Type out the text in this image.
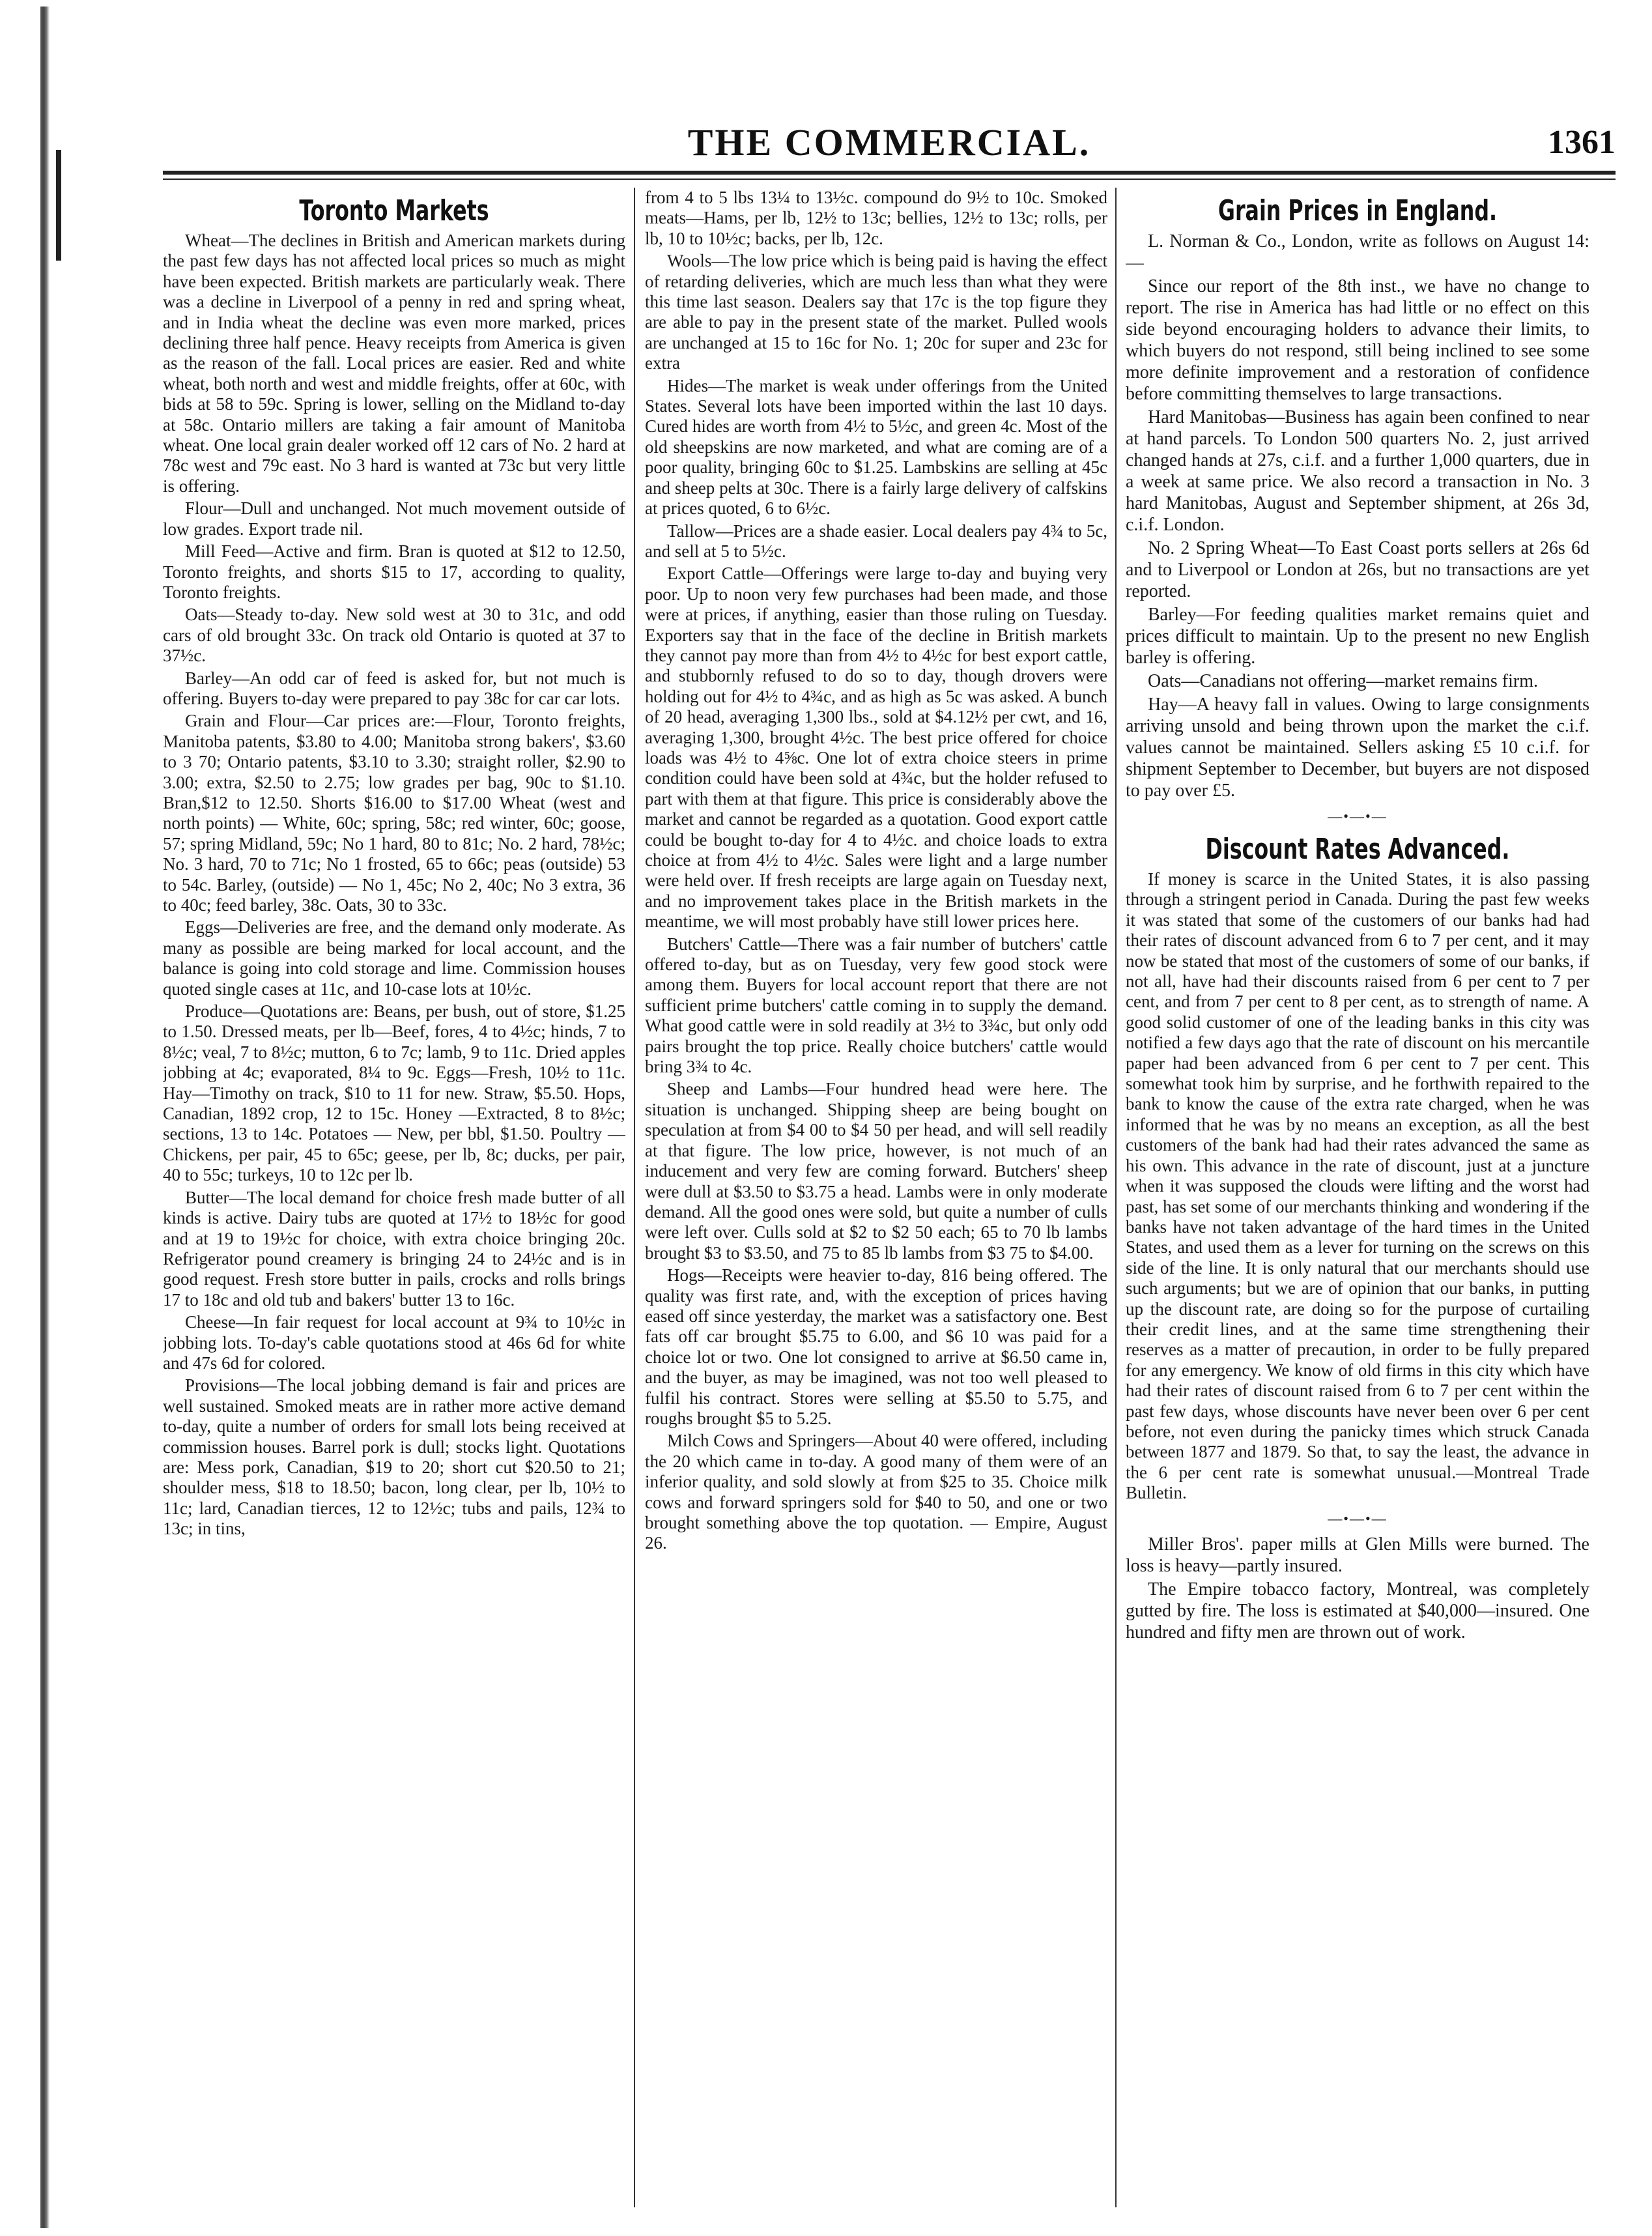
THE COMMERCIAL.	1361
Toronto Markets

Wheat—The declines in British and American markets during the past few days has not affected local prices so much as might have been expected. British markets are particularly weak. There was a decline in Liverpool of a penny in red and spring wheat, and in India wheat the decline was even more marked, prices declining three half pence. Heavy receipts from America is given as the reason of the fall. Local prices are easier. Red and white wheat, both north and west and middle freights, offer at 60c, with bids at 58 to 59c. Spring is lower, selling on the Midland to-day at 58c. Ontario millers are taking a fair amount of Manitoba wheat. One local grain dealer worked off 12 cars of No. 2 hard at 78c west and 79c east. No 3 hard is wanted at 73c but very little is offering.

Flour—Dull and unchanged. Not much movement outside of low grades. Export trade nil.

Mill Feed—Active and firm. Bran is quoted at $12 to 12.50, Toronto freights, and shorts $15 to 17, according to quality, Toronto freights.

Oats—Steady to-day. New sold west at 30 to 31c, and odd cars of old brought 33c. On track old Ontario is quoted at 37 to 37½c.

Barley—An odd car of feed is asked for, but not much is offering. Buyers to-day were prepared to pay 38c for car car lots.

Grain and Flour—Car prices are:—Flour, Toronto freights, Manitoba patents, $3.80 to 4.00; Manitoba strong bakers', $3.60 to 3 70; Ontario patents, $3.10 to 3.30; straight roller, $2.90 to 3.00; extra, $2.50 to 2.75; low grades per bag, 90c to $1.10. Bran,$12 to 12.50. Shorts $16.00 to $17.00 Wheat (west and north points) — White, 60c; spring, 58c; red winter, 60c; goose, 57; spring Midland, 59c; No 1 hard, 80 to 81c; No. 2 hard, 78½c; No. 3 hard, 70 to 71c; No 1 frosted, 65 to 66c; peas (outside) 53 to 54c. Barley, (outside) — No 1, 45c; No 2, 40c; No 3 extra, 36 to 40c; feed barley, 38c. Oats, 30 to 33c.

Eggs—Deliveries are free, and the demand only moderate. As many as possible are being marked for local account, and the balance is going into cold storage and lime. Commission houses quoted single cases at 11c, and 10-case lots at 10½c.

Produce—Quotations are: Beans, per bush, out of store, $1.25 to 1.50. Dressed meats, per lb—Beef, fores, 4 to 4½c; hinds, 7 to 8½c; veal, 7 to 8½c; mutton, 6 to 7c; lamb, 9 to 11c. Dried apples jobbing at 4c; evaporated, 8¼ to 9c. Eggs—Fresh, 10½ to 11c. Hay—Timothy on track, $10 to 11 for new. Straw, $5.50. Hops, Canadian, 1892 crop, 12 to 15c. Honey —Extracted, 8 to 8½c; sections, 13 to 14c. Potatoes — New, per bbl, $1.50. Poultry —Chickens, per pair, 45 to 65c; geese, per lb, 8c; ducks, per pair, 40 to 55c; turkeys, 10 to 12c per lb.

Butter—The local demand for choice fresh made butter of all kinds is active. Dairy tubs are quoted at 17½ to 18½c for good and at 19 to 19½c for choice, with extra choice bringing 20c. Refrigerator pound creamery is bringing 24 to 24½c and is in good request. Fresh store butter in pails, crocks and rolls brings 17 to 18c and old tub and bakers' butter 13 to 16c.

Cheese—In fair request for local account at 9¾ to 10½c in jobbing lots. To-day's cable quotations stood at 46s 6d for white and 47s 6d for colored.

Provisions—The local jobbing demand is fair and prices are well sustained. Smoked meats are in rather more active demand to-day, quite a number of orders for small lots being received at commission houses. Barrel pork is dull; stocks light. Quotations are: Mess pork, Canadian, $19 to 20; short cut $20.50 to 21; shoulder mess, $18 to 18.50; bacon, long clear, per lb, 10½ to 11c; lard, Canadian tierces, 12 to 12½c; tubs and pails, 12¾ to 13c; in tins,

from 4 to 5 lbs 13¼ to 13½c. compound do 9½ to 10c. Smoked meats—Hams, per lb, 12½ to 13c; bellies, 12½ to 13c; rolls, per lb, 10 to 10½c; backs, per lb, 12c.

Wools—The low price which is being paid is having the effect of retarding deliveries, which are much less than what they were this time last season. Dealers say that 17c is the top figure they are able to pay in the present state of the market. Pulled wools are unchanged at 15 to 16c for No. 1; 20c for super and 23c for extra

Hides—The market is weak under offerings from the United States. Several lots have been imported within the last 10 days. Cured hides are worth from 4½ to 5½c, and green 4c. Most of the old sheepskins are now marketed, and what are coming are of a poor quality, bringing 60c to $1.25. Lambskins are selling at 45c and sheep pelts at 30c. There is a fairly large delivery of calfskins at prices quoted, 6 to 6½c.

Tallow—Prices are a shade easier. Local dealers pay 4¾ to 5c, and sell at 5 to 5½c.

Export Cattle—Offerings were large to-day and buying very poor. Up to noon very few purchases had been made, and those were at prices, if anything, easier than those ruling on Tuesday. Exporters say that in the face of the decline in British markets they cannot pay more than from 4½ to 4½c for best export cattle, and stubbornly refused to do so to day, though drovers were holding out for 4½ to 4¾c, and as high as 5c was asked. A bunch of 20 head, averaging 1,300 lbs., sold at $4.12½ per cwt, and 16, averaging 1,300, brought 4½c. The best price offered for choice loads was 4½ to 4⅝c. One lot of extra choice steers in prime condition could have been sold at 4¾c, but the holder refused to part with them at that figure. This price is considerably above the market and cannot be regarded as a quotation. Good export cattle could be bought to-day for 4 to 4½c. and choice loads to extra choice at from 4½ to 4½c. Sales were light and a large number were held over. If fresh receipts are large again on Tuesday next, and no improvement takes place in the British markets in the meantime, we will most probably have still lower prices here.

Butchers' Cattle—There was a fair number of butchers' cattle offered to-day, but as on Tuesday, very few good stock were among them. Buyers for local account report that there are not sufficient prime butchers' cattle coming in to supply the demand. What good cattle were in sold readily at 3½ to 3¾c, but only odd pairs brought the top price. Really choice butchers' cattle would bring 3¾ to 4c.

Sheep and Lambs—Four hundred head were here. The situation is unchanged. Shipping sheep are being bought on speculation at from $4 00 to $4 50 per head, and will sell readily at that figure. The low price, however, is not much of an inducement and very few are coming forward. Butchers' sheep were dull at $3.50 to $3.75 a head. Lambs were in only moderate demand. All the good ones were sold, but quite a number of culls were left over. Culls sold at $2 to $2 50 each; 65 to 70 lb lambs brought $3 to $3.50, and 75 to 85 lb lambs from $3 75 to $4.00.

Hogs—Receipts were heavier to-day, 816 being offered. The quality was first rate, and, with the exception of prices having eased off since yesterday, the market was a satisfactory one. Best fats off car brought $5.75 to 6.00, and $6 10 was paid for a choice lot or two. One lot consigned to arrive at $6.50 came in, and the buyer, as may be imagined, was not too well pleased to fulfil his contract. Stores were selling at $5.50 to 5.75, and roughs brought $5 to 5.25.

Milch Cows and Springers—About 40 were offered, including the 20 which came in to-day. A good many of them were of an inferior quality, and sold slowly at from $25 to 35. Choice milk cows and forward springers sold for $40 to 50, and one or two brought something above the top quotation. — Empire, August 26.

Grain Prices in England.

L. Norman & Co., London, write as follows on August 14:—

Since our report of the 8th inst., we have no change to report. The rise in America has had little or no effect on this side beyond encouraging holders to advance their limits, to which buyers do not respond, still being inclined to see some more definite improvement and a restoration of confidence before committing themselves to large transactions.

Hard Manitobas—Business has again been confined to near at hand parcels. To London 500 quarters No. 2, just arrived changed hands at 27s, c.i.f. and a further 1,000 quarters, due in a week at same price. We also record a transaction in No. 3 hard Manitobas, August and September shipment, at 26s 3d, c.i.f. London.

No. 2 Spring Wheat—To East Coast ports sellers at 26s 6d and to Liverpool or London at 26s, but no transactions are yet reported.

Barley—For feeding qualities market remains quiet and prices difficult to maintain. Up to the present no new English barley is offering.

Oats—Canadians not offering—market remains firm.

Hay—A heavy fall in values. Owing to large consignments arriving unsold and being thrown upon the market the c.i.f. values cannot be maintained. Sellers asking £5 10 c.i.f. for shipment September to December, but buyers are not disposed to pay over £5.

—•—•—
Discount Rates Advanced.

If money is scarce in the United States, it is also passing through a stringent period in Canada. During the past few weeks it was stated that some of the customers of our banks had had their rates of discount advanced from 6 to 7 per cent, and it may now be stated that most of the customers of some of our banks, if not all, have had their discounts raised from 6 per cent to 7 per cent, and from 7 per cent to 8 per cent, as to strength of name. A good solid customer of one of the leading banks in this city was notified a few days ago that the rate of discount on his mercantile paper had been advanced from 6 per cent to 7 per cent. This somewhat took him by surprise, and he forthwith repaired to the bank to know the cause of the extra rate charged, when he was informed that he was by no means an exception, as all the best customers of the bank had had their rates advanced the same as his own. This advance in the rate of discount, just at a juncture when it was supposed the clouds were lifting and the worst had past, has set some of our merchants thinking and wondering if the banks have not taken advantage of the hard times in the United States, and used them as a lever for turning on the screws on this side of the line. It is only natural that our merchants should use such arguments; but we are of opinion that our banks, in putting up the discount rate, are doing so for the purpose of curtailing their credit lines, and at the same time strengthening their reserves as a matter of precaution, in order to be fully prepared for any emergency. We know of old firms in this city which have had their rates of discount raised from 6 to 7 per cent within the past few days, whose discounts have never been over 6 per cent before, not even during the panicky times which struck Canada between 1877 and 1879. So that, to say the least, the advance in the 6 per cent rate is somewhat unusual.—Montreal Trade Bulletin.

—•—•—

Miller Bros'. paper mills at Glen Mills were burned. The loss is heavy—partly insured.

The Empire tobacco factory, Montreal, was completely gutted by fire. The loss is estimated at $40,000—insured. One hundred and fifty men are thrown out of work.
